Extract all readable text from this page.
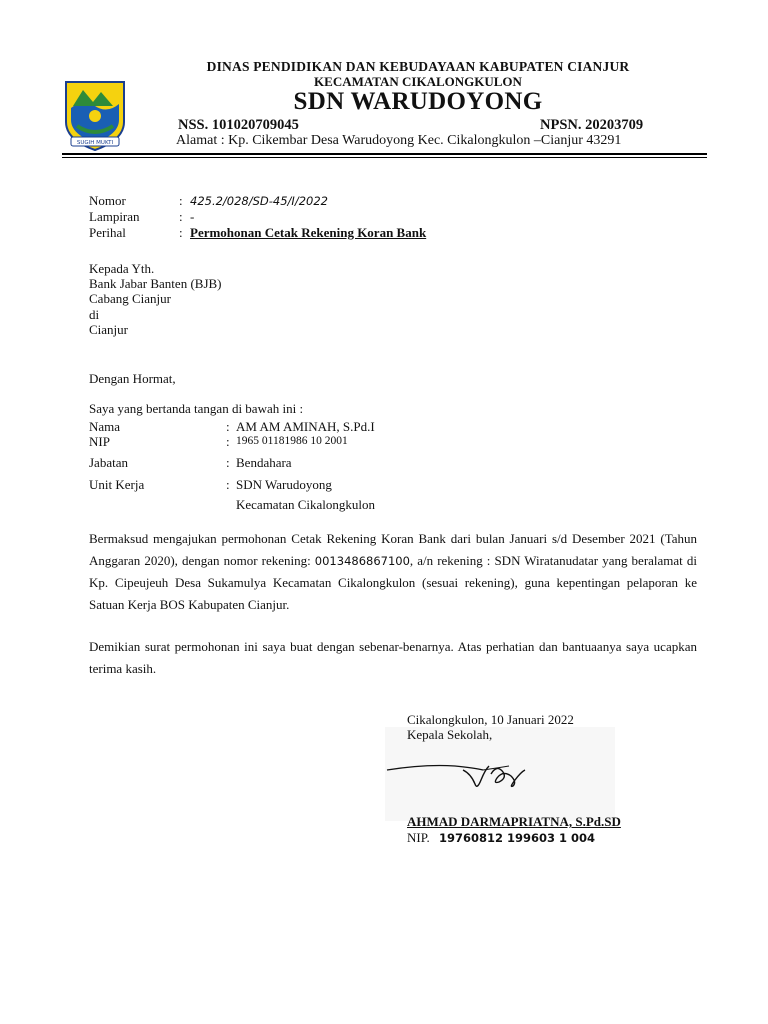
SUGIH MUKTI
DINAS PENDIDIKAN DAN KEBUDAYAAN KABUPATEN CIANJUR
KECAMATAN CIKALONGKULON
SDN WARUDOYONG
NSS. 101020709045	NPSN. 20203709
Alamat : Kp. Cikembar Desa Warudoyong Kec. Cikalongkulon –Cianjur 43291
Nomor	: 425.2/028/SD-45/I/2022
Lampiran	: -
Perihal	: Permohonan Cetak Rekening Koran Bank
Kepada Yth.
Bank Jabar Banten (BJB)
Cabang Cianjur
di
Cianjur
Dengan Hormat,
Saya yang bertanda tangan di bawah ini :
Nama	: AM AM AMINAH, S.Pd.I
NIP	: 1965 01181986 10 2001
Jabatan	: Bendahara
Unit Kerja	: SDN Warudoyong
Kecamatan Cikalongkulon
Bermaksud mengajukan permohonan Cetak Rekening Koran Bank dari bulan Januari s/d Desember 2021 (Tahun Anggaran 2020), dengan nomor rekening: 0013486867100, a/n rekening : SDN Wiratanudatar yang beralamat di Kp. Cipeujeuh Desa Sukamulya Kecamatan Cikalongkulon (sesuai rekening), guna kepentingan pelaporan ke Satuan Kerja BOS Kabupaten Cianjur.
Demikian surat permohonan ini saya buat dengan sebenar-benarnya. Atas perhatian dan bantuaanya saya ucapkan terima kasih.
Cikalongkulon, 10 Januari 2022
Kepala Sekolah,
AHMAD DARMAPRIATNA, S.Pd.SD
NIP. 19760812 199603 1 004
